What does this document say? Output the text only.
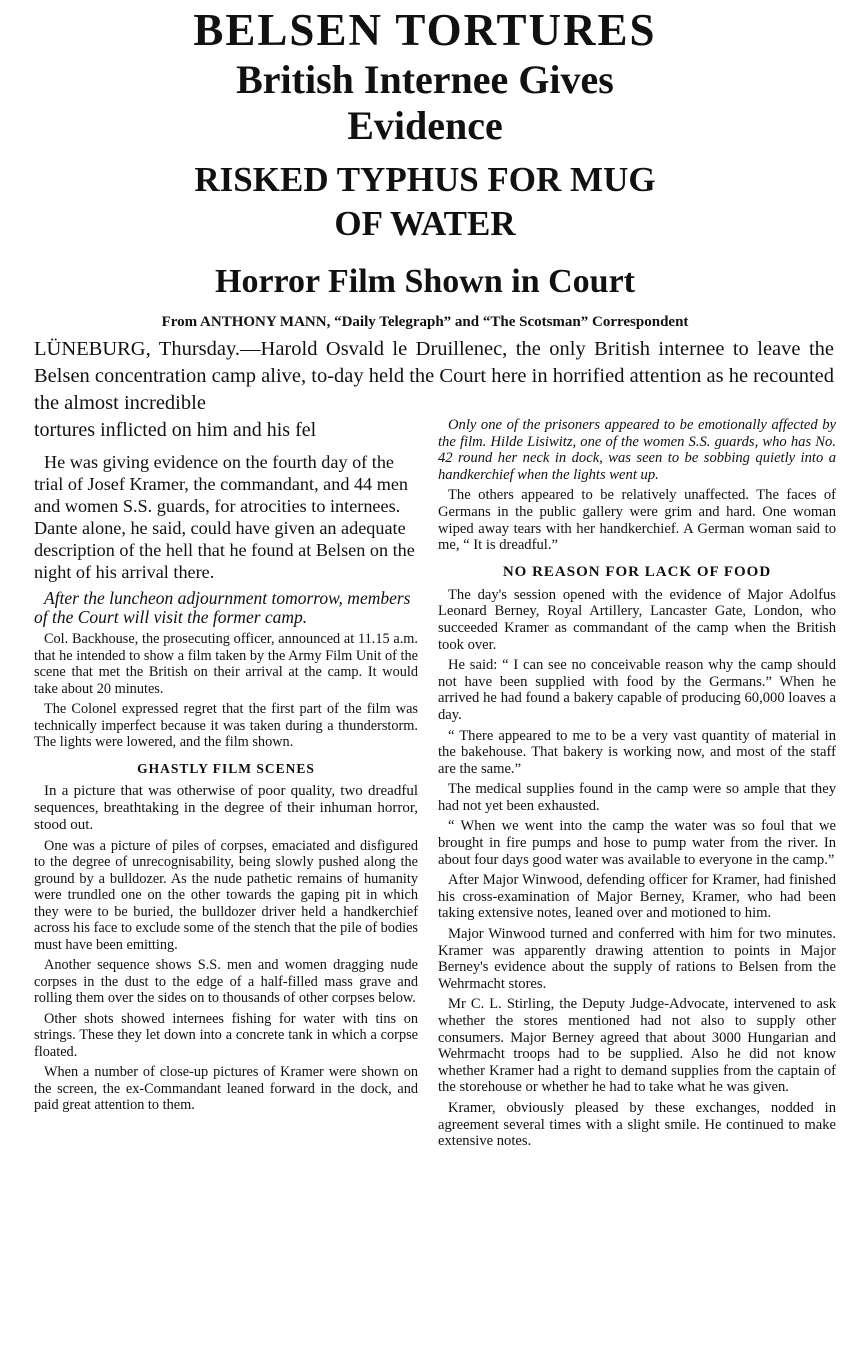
BELSEN TORTURES
British Internee Gives
Evidence
RISKED TYPHUS FOR MUG
OF WATER
Horror Film Shown in Court
From ANTHONY MANN, “Daily Telegraph” and “The Scotsman” Correspondent
LÜNEBURG, Thursday.—Harold Osvald le Druillenec, the only British internee to leave the Belsen concentration camp alive, to-day held the Court here in horrified attention as he recounted the almost incredible
tortures inflicted on him and his fel

He was giving evidence on the fourth day of the trial of Josef Kramer, the commandant, and 44 men and women S.S. guards, for atrocities to internees. Dante alone, he said, could have given an adequate description of the hell that he found at Belsen on the night of his arrival there.

After the luncheon adjournment tomorrow, members of the Court will visit the former camp.

Col. Backhouse, the prosecuting officer, announced at 11.15 a.m. that he intended to show a film taken by the Army Film Unit of the scene that met the British on their arrival at the camp. It would take about 20 minutes.

The Colonel expressed regret that the first part of the film was technically imperfect because it was taken during a thunderstorm. The lights were lowered, and the film shown.

GHASTLY FILM SCENES

In a picture that was otherwise of poor quality, two dreadful sequences, breathtaking in the degree of their inhuman horror, stood out.

One was a picture of piles of corpses, emaciated and disfigured to the degree of unrecognisability, being slowly pushed along the ground by a bulldozer. As the nude pathetic remains of humanity were trundled one on the other towards the gaping pit in which they were to be buried, the bulldozer driver held a handkerchief across his face to exclude some of the stench that the pile of bodies must have been emitting.

Another sequence shows S.S. men and women dragging nude corpses in the dust to the edge of a half-filled mass grave and rolling them over the sides on to thousands of other corpses below.

Other shots showed internees fishing for water with tins on strings. These they let down into a concrete tank in which a corpse floated.

When a number of close-up pictures of Kramer were shown on the screen, the ex-Commandant leaned forward in the dock, and paid great attention to them.

Only one of the prisoners appeared to be emotionally affected by the film. Hilde Lisiwitz, one of the women S.S. guards, who has No. 42 round her neck in dock, was seen to be sobbing quietly into a handkerchief when the lights went up.

The others appeared to be relatively unaffected. The faces of Germans in the public gallery were grim and hard. One woman wiped away tears with her handkerchief. A German woman said to me, “ It is dreadful.”

NO REASON FOR LACK OF FOOD

The day's session opened with the evidence of Major Adolfus Leonard Berney, Royal Artillery, Lancaster Gate, London, who succeeded Kramer as commandant of the camp when the British took over.

He said: “ I can see no conceivable reason why the camp should not have been supplied with food by the Germans.” When he arrived he had found a bakery capable of producing 60,000 loaves a day.

“ There appeared to me to be a very vast quantity of material in the bakehouse. That bakery is working now, and most of the staff are the same.”

The medical supplies found in the camp were so ample that they had not yet been exhausted.

“ When we went into the camp the water was so foul that we brought in fire pumps and hose to pump water from the river. In about four days good water was available to everyone in the camp.”

After Major Winwood, defending officer for Kramer, had finished his cross-examination of Major Berney, Kramer, who had been taking extensive notes, leaned over and motioned to him.

Major Winwood turned and conferred with him for two minutes. Kramer was apparently drawing attention to points in Major Berney's evidence about the supply of rations to Belsen from the Wehrmacht stores.

Mr C. L. Stirling, the Deputy Judge-Advocate, intervened to ask whether the stores mentioned had not also to supply other consumers. Major Berney agreed that about 3000 Hungarian and Wehrmacht troops had to be supplied. Also he did not know whether Kramer had a right to demand supplies from the captain of the storehouse or whether he had to take what he was given.

Kramer, obviously pleased by these exchanges, nodded in agreement several times with a slight smile. He continued to make extensive notes.
